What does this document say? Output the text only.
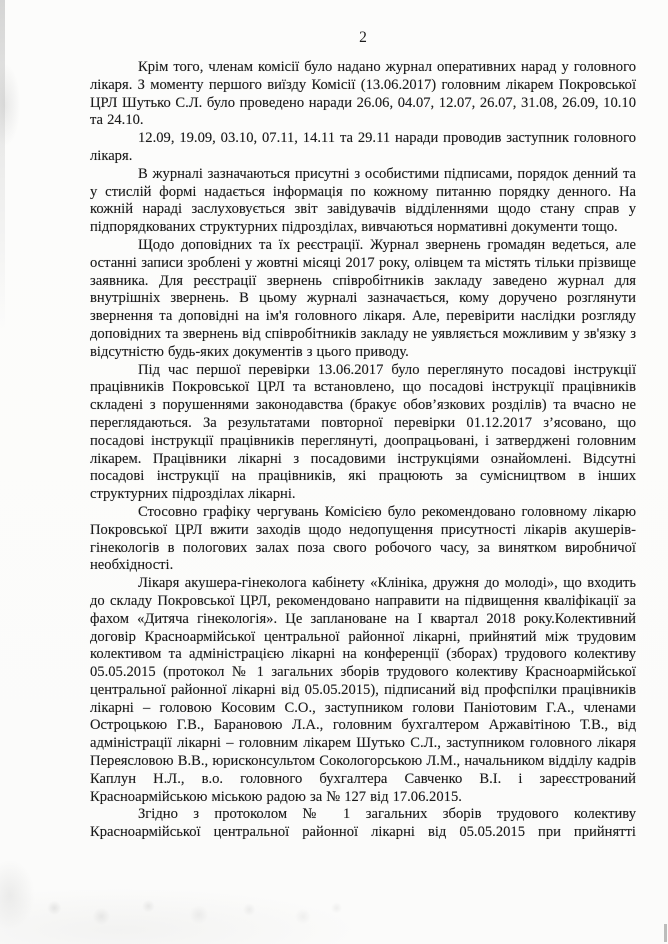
2

Крім того, членам комісії було надано журнал оперативних нарад у головного лікаря. З моменту першого виїзду Комісії (13.06.2017) головним лікарем Покровської ЦРЛ Шутько С.Л. було проведено наради 26.06, 04.07, 12.07, 26.07, 31.08, 26.09, 10.10 та 24.10.

12.09, 19.09, 03.10, 07.11, 14.11 та 29.11 наради проводив заступник головного лікаря.

В журналі зазначаються присутні з особистими підписами, порядок денний та у стислій формі надається інформація по кожному питанню порядку денного. На кожній нараді заслуховується звіт завідувачів відділеннями щодо стану справ у підпорядкованих структурних підрозділах, вивчаються нормативні документи тощо.

Щодо доповідних та їх реєстрації. Журнал звернень громадян ведеться, але останні записи зроблені у жовтні місяці 2017 року, олівцем та містять тільки прізвище заявника. Для реєстрації звернень співробітників закладу заведено журнал для внутрішніх звернень. В цьому журналі зазначається, кому доручено розглянути звернення та доповідні на ім'я головного лікаря. Але, перевірити наслідки розгляду доповідних та звернень від співробітників закладу не уявляється можливим у зв'язку з відсутністю будь-яких документів з цього приводу.

Під час першої перевірки 13.06.2017 було переглянуто посадові інструкції працівників Покровської ЦРЛ та встановлено, що посадові інструкції працівників складені з порушеннями законодавства (бракує обов’язкових розділів) та вчасно не переглядаються. За результатами повторної перевірки 01.12.2017 з’ясовано, що посадові інструкції працівників переглянуті, доопрацьовані, і затверджені головним лікарем. Працівники лікарні з посадовими інструкціями ознайомлені. Відсутні посадові інструкції на працівників, які працюють за сумісництвом в інших структурних підрозділах лікарні.

Стосовно графіку чергувань Комісією було рекомендовано головному лікарю Покровської ЦРЛ вжити заходів щодо недопущення присутності лікарів акушерів-гінекологів в пологових залах поза свого робочого часу, за винятком виробничої необхідності.

Лікаря акушера-гінеколога кабінету «Клініка, дружня до молоді», що входить до складу Покровської ЦРЛ, рекомендовано направити на підвищення кваліфікації за фахом «Дитяча гінекологія». Це заплановане на І квартал 2018 року.Колективний договір Красноармійської центральної районної лікарні, прийнятий між трудовим колективом та адміністрацією лікарні на конференції (зборах) трудового колективу 05.05.2015 (протокол № 1 загальних зборів трудового колективу Красноармійської центральної районної лікарні від 05.05.2015), підписаний від профспілки працівників лікарні – головою Косовим С.О., заступником голови Паніотовим Г.А., членами Остроцькою Г.В., Барановою Л.А., головним бухгалтером Аржавітіною Т.В., від адміністрації лікарні – головним лікарем Шутько С.Л., заступником головного лікаря Переясловою В.В., юрисконсультом Сокологорською Л.М., начальником відділу кадрів Каплун Н.Л., в.о. головного бухгалтера Савченко В.І. і зареєстрований Красноармійською міською радою за № 127 від 17.06.2015.

Згідно з протоколом № 1 загальних зборів трудового колективу Красноармійської центральної районної лікарні від 05.05.2015 при прийнятті
